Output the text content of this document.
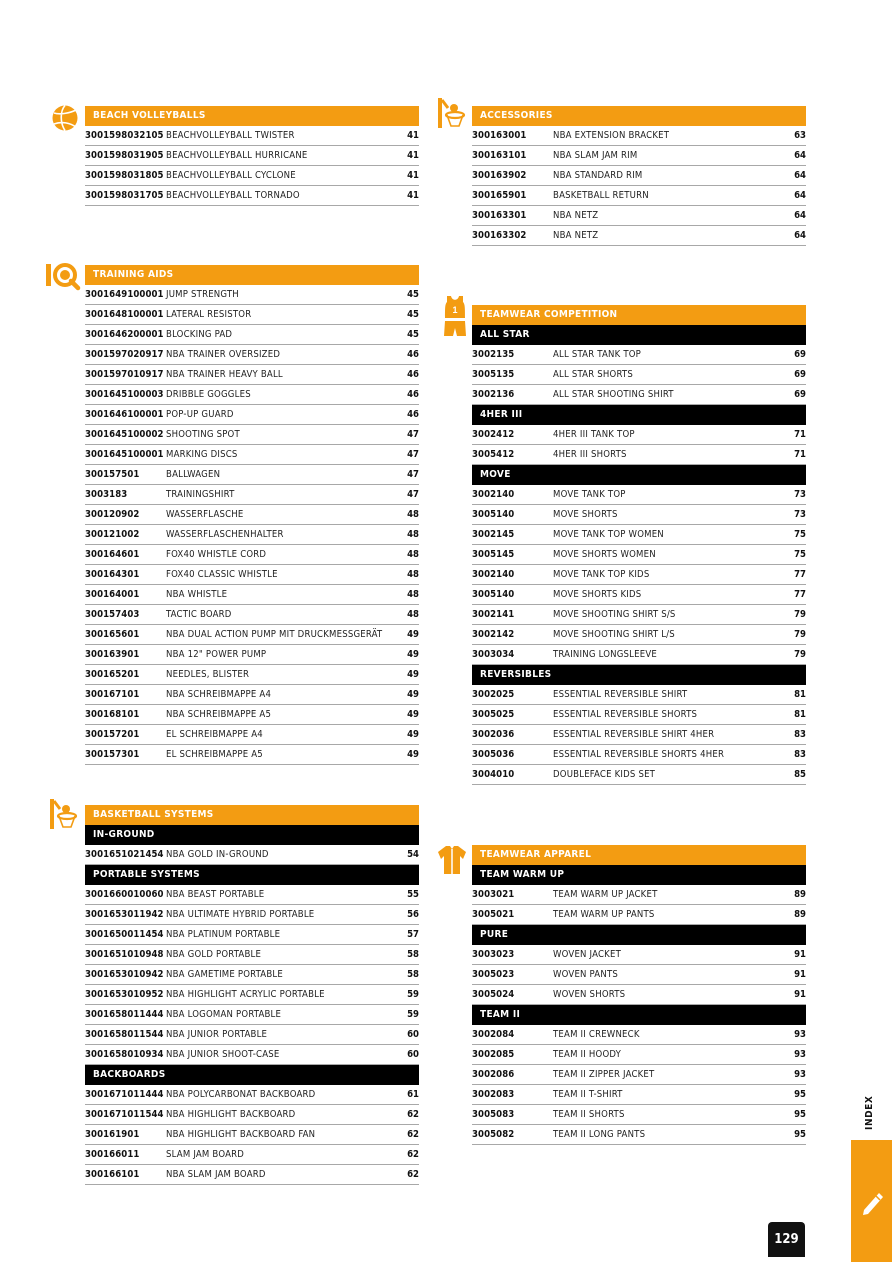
1
BEACH VOLLEYBALLS
3001598032105 BEACHVOLLEYBALL TWISTER	41
3001598031905 BEACHVOLLEYBALL HURRICANE	41
3001598031805 BEACHVOLLEYBALL CYCLONE	41
3001598031705 BEACHVOLLEYBALL TORNADO	41
TRAINING AIDS
3001649100001 JUMP STRENGTH	45
3001648100001 LATERAL RESISTOR	45
3001646200001 BLOCKING PAD	45
3001597020917 NBA TRAINER OVERSIZED	46
3001597010917 NBA TRAINER HEAVY BALL	46
3001645100003 DRIBBLE GOGGLES	46
3001646100001 POP-UP GUARD	46
3001645100002 SHOOTING SPOT	47
3001645100001 MARKING DISCS	47
300157501	BALLWAGEN	47
3003183	TRAININGSHIRT	47
300120902	WASSERFLASCHE	48
300121002	WASSERFLASCHENHALTER	48
300164601	FOX40 WHISTLE CORD	48
300164301	FOX40 CLASSIC WHISTLE	48
300164001	NBA WHISTLE	48
300157403	TACTIC BOARD	48
300165601	NBA DUAL ACTION PUMP MIT DRUCKMESSGERÄT	49
300163901	NBA 12" POWER PUMP	49
300165201	NEEDLES, BLISTER	49
300167101	NBA SCHREIBMAPPE A4	49
300168101	NBA SCHREIBMAPPE A5	49
300157201	EL SCHREIBMAPPE A4	49
300157301	EL SCHREIBMAPPE A5	49
BASKETBALL SYSTEMS
IN-GROUND
3001651021454 NBA GOLD IN-GROUND	54
PORTABLE SYSTEMS
3001660010060 NBA BEAST PORTABLE	55
3001653011942 NBA ULTIMATE HYBRID PORTABLE	56
3001650011454 NBA PLATINUM PORTABLE	57
3001651010948 NBA GOLD PORTABLE	58
3001653010942 NBA GAMETIME PORTABLE	58
3001653010952 NBA HIGHLIGHT ACRYLIC PORTABLE	59
3001658011444 NBA LOGOMAN PORTABLE	59
3001658011544 NBA JUNIOR PORTABLE	60
3001658010934 NBA JUNIOR SHOOT-CASE	60
BACKBOARDS
3001671011444 NBA POLYCARBONAT BACKBOARD	61
3001671011544 NBA HIGHLIGHT BACKBOARD	62
300161901	NBA HIGHLIGHT BACKBOARD FAN	62
300166011	SLAM JAM BOARD	62
300166101	NBA SLAM JAM BOARD	62
ACCESSORIES
300163001	NBA EXTENSION BRACKET	63
300163101	NBA SLAM JAM RIM	64
300163902	NBA STANDARD RIM	64
300165901	BASKETBALL RETURN	64
300163301	NBA NETZ	64
300163302	NBA NETZ	64
TEAMWEAR COMPETITION
ALL STAR
3002135	ALL STAR TANK TOP	69
3005135	ALL STAR SHORTS	69
3002136	ALL STAR SHOOTING SHIRT	69
4HER III
3002412	4HER III TANK TOP	71
3005412	4HER III SHORTS	71
MOVE
3002140	MOVE TANK TOP	73
3005140	MOVE SHORTS	73
3002145	MOVE TANK TOP WOMEN	75
3005145	MOVE SHORTS WOMEN	75
3002140	MOVE TANK TOP KIDS	77
3005140	MOVE SHORTS KIDS	77
3002141	MOVE SHOOTING SHIRT S/S	79
3002142	MOVE SHOOTING SHIRT L/S	79
3003034	TRAINING LONGSLEEVE	79
REVERSIBLES
3002025	ESSENTIAL REVERSIBLE SHIRT	81
3005025	ESSENTIAL REVERSIBLE SHORTS	81
3002036	ESSENTIAL REVERSIBLE SHIRT 4HER	83
3005036	ESSENTIAL REVERSIBLE SHORTS 4HER	83
3004010	DOUBLEFACE KIDS SET	85
TEAMWEAR APPAREL
TEAM WARM UP
3003021	TEAM WARM UP JACKET	89
3005021	TEAM WARM UP PANTS	89
PURE
3003023	WOVEN JACKET	91
3005023	WOVEN PANTS	91
3005024	WOVEN SHORTS	91
TEAM II
3002084	TEAM II CREWNECK	93
3002085	TEAM II HOODY	93
3002086	TEAM II ZIPPER JACKET	93
3002083	TEAM II T-SHIRT	95
3005083	TEAM II SHORTS	95
3005082	TEAM II LONG PANTS	95
INDEX
129
